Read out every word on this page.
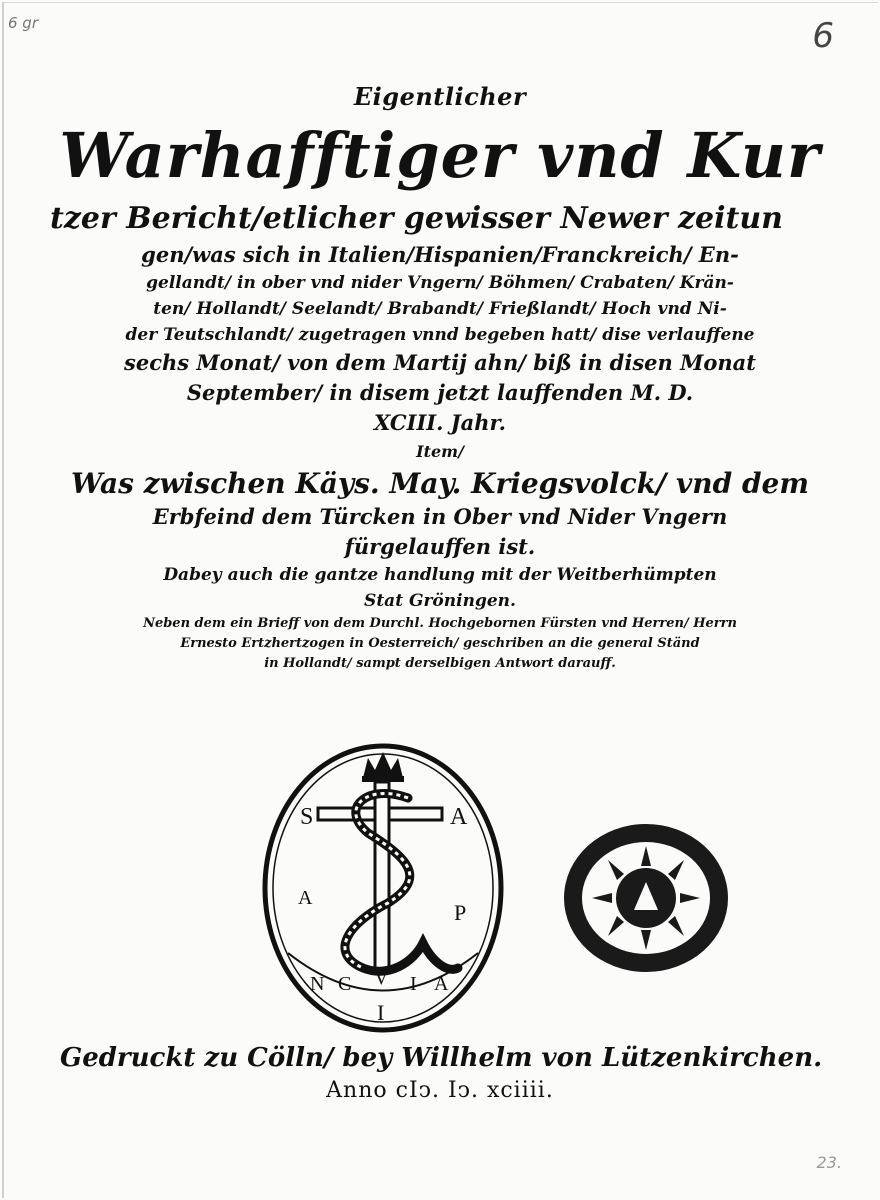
6 gr	6
23.
Eigentlicher
Warhafftiger vnd Kur
tzer Bericht/etlicher gewisser Newer zeitun
gen/was sich in Italien/Hispanien/Franckreich/ En-
gellandt/ in ober vnd nider Vngern/ Böhmen/ Crabaten/ Krän-
ten/ Hollandt/ Seelandt/ Brabandt/ Frießlandt/ Hoch vnd Ni-
der Teutschlandt/ zugetragen vnnd begeben hatt/ dise verlauffene
sechs Monat/ von dem Martij ahn/ biß in disen Monat
September/ in disem jetzt lauffenden M. D.
XCIII. Jahr.
Item/
Was zwischen Käys. May. Kriegsvolck/ vnd dem
Erbfeind dem Türcken in Ober vnd Nider Vngern
fürgelauffen ist.
Dabey auch die gantze handlung mit der Weitberhümpten
Stat Gröningen.
Neben dem ein Brieff von dem Durchl. Hochgebornen Fürsten vnd Herren/ Herrn
Ernesto Ertzhertzogen in Oesterreich/ geschriben an die general Ständ
in Hollandt/ sampt derselbigen Antwort darauff.
S	A
A
P
N C V I A
I
Gedruckt zu Cölln/ bey Willhelm von Lützenkirchen.
Anno cIↄ. Iↄ. xciiii.
